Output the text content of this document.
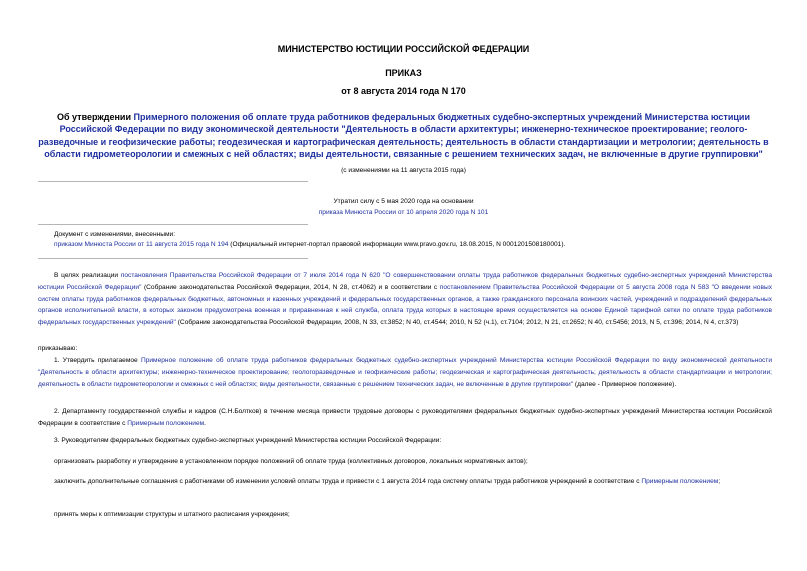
МИНИСТЕРСТВО ЮСТИЦИИ РОССИЙСКОЙ ФЕДЕРАЦИИ
ПРИКАЗ
от 8 августа 2014 года N 170
Об утверждении Примерного положения об оплате труда работников федеральных бюджетных судебно-экспертных учреждений Министерства юстиции Российской Федерации по виду экономической деятельности "Деятельность в области архитектуры; инженерно-техническое проектирование; геолого-разведочные и геофизические работы; геодезическая и картографическая деятельность; деятельность в области стандартизации и метрологии; деятельность в области гидрометеорологии и смежных с ней областях; виды деятельности, связанные с решением технических задач, не включенные в другие группировки"
(с изменениями на 11 августа 2015 года)
Утратил силу с 5 мая 2020 года на основании
приказа Минюста России от 10 апреля 2020 года N 101
Документ с изменениями, внесенными:
приказом Минюста России от 11 августа 2015 года N 194 (Официальный интернет-портал правовой информации www.pravo.gov.ru, 18.08.2015, N 0001201508180001).
В целях реализации постановления Правительства Российской Федерации от 7 июля 2014 года N 620 "О совершенствовании оплаты труда работников федеральных бюджетных судебно-экспертных учреждений Министерства юстиции Российской Федерации" (Собрание законодательства Российской Федерации, 2014, N 28, ст.4062) и в соответствии с постановлением Правительства Российской Федерации от 5 августа 2008 года N 583 "О введении новых систем оплаты труда работников федеральных бюджетных, автономных и казенных учреждений и федеральных государственных органов, а также гражданского персонала воинских частей, учреждений и подразделений федеральных органов исполнительной власти, в которых законом предусмотрена военная и приравненная к ней служба, оплата труда которых в настоящее время осуществляется на основе Единой тарифной сетки по оплате труда работников федеральных государственных учреждений" (Собрание законодательства Российской Федерации, 2008, N 33, ст.3852; N 40, ст.4544; 2010, N 52 (ч.1), ст.7104; 2012, N 21, ст.2652; N 40, ст.5456; 2013, N 5, ст.396; 2014, N 4, ст.373)
приказываю:
1. Утвердить прилагаемое Примерное положение об оплате труда работников федеральных бюджетных судебно-экспертных учреждений Министерства юстиции Российской Федерации по виду экономической деятельности "Деятельность в области архитектуры; инженерно-техническое проектирование; геологоразведочные и геофизические работы; геодезическая и картографическая деятельность; деятельность в области стандартизации и метрологии; деятельность в области гидрометеорологии и смежных с ней областях; виды деятельности, связанные с решением технических задач, не включенные в другие группировки" (далее - Примерное положение).
2. Департаменту государственной службы и кадров (С.Н.Болтков) в течение месяца привести трудовые договоры с руководителями федеральных бюджетных судебно-экспертных учреждений Министерства юстиции Российской Федерации в соответствие с Примерным положением.
3. Руководителям федеральных бюджетных судебно-экспертных учреждений Министерства юстиции Российской Федерации:
организовать разработку и утверждение в установленном порядке положений об оплате труда (коллективных договоров, локальных нормативных актов);
заключить дополнительные соглашения с работниками об изменении условий оплаты труда и привести с 1 августа 2014 года систему оплаты труда работников учреждений в соответствие с Примерным положением;
принять меры к оптимизации структуры и штатного расписания учреждения;
